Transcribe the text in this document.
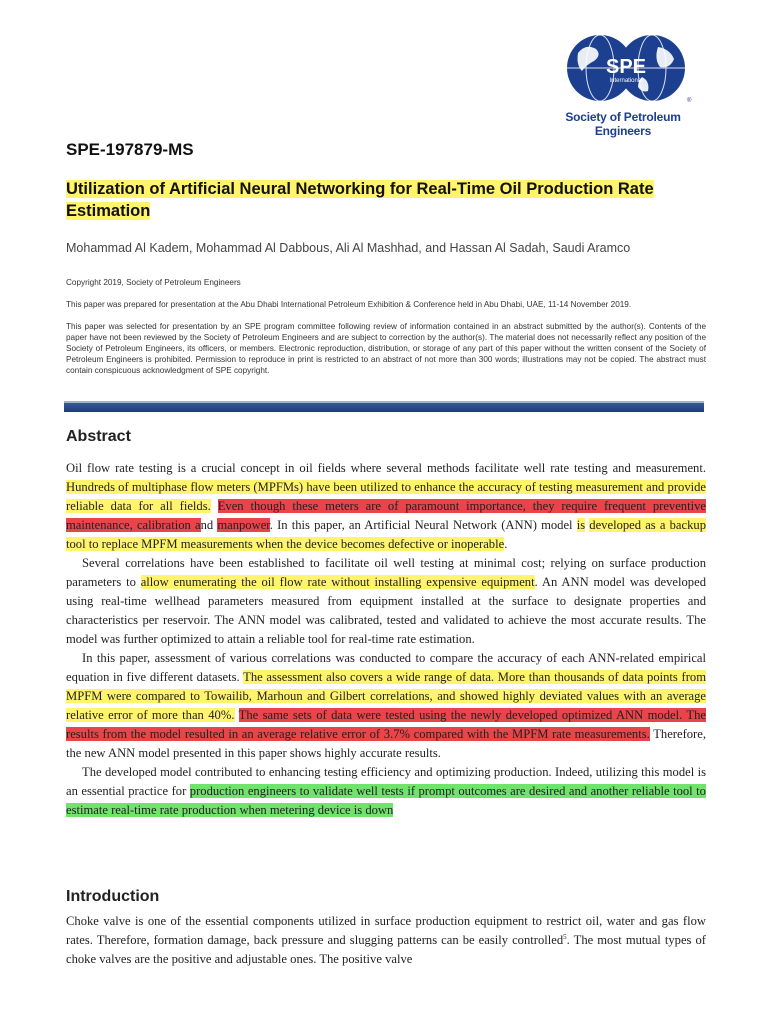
SPE
International
®
Society of Petroleum Engineers
SPE-197879-MS
Utilization of Artificial Neural Networking for Real-Time Oil Production Rate Estimation
Mohammad Al Kadem, Mohammad Al Dabbous, Ali Al Mashhad, and Hassan Al Sadah, Saudi Aramco
Copyright 2019, Society of Petroleum Engineers
This paper was prepared for presentation at the Abu Dhabi International Petroleum Exhibition & Conference held in Abu Dhabi, UAE, 11-14 November 2019.
This paper was selected for presentation by an SPE program committee following review of information contained in an abstract submitted by the author(s). Contents of the paper have not been reviewed by the Society of Petroleum Engineers and are subject to correction by the author(s). The material does not necessarily reflect any position of the Society of Petroleum Engineers, its officers, or members. Electronic reproduction, distribution, or storage of any part of this paper without the written consent of the Society of Petroleum Engineers is prohibited. Permission to reproduce in print is restricted to an abstract of not more than 300 words; illustrations may not be copied. The abstract must contain conspicuous acknowledgment of SPE copyright.
Abstract

Oil flow rate testing is a crucial concept in oil fields where several methods facilitate well rate testing and measurement. Hundreds of multiphase flow meters (MPFMs) have been utilized to enhance the accuracy of testing measurement and provide reliable data for all fields. Even though these meters are of paramount importance, they require frequent preventive maintenance, calibration and manpower. In this paper, an Artificial Neural Network (ANN) model is developed as a backup tool to replace MPFM measurements when the device becomes defective or inoperable.

Several correlations have been established to facilitate oil well testing at minimal cost; relying on surface production parameters to allow enumerating the oil flow rate without installing expensive equipment. An ANN model was developed using real-time wellhead parameters measured from equipment installed at the surface to designate properties and characteristics per reservoir. The ANN model was calibrated, tested and validated to achieve the most accurate results. The model was further optimized to attain a reliable tool for real-time rate estimation.

In this paper, assessment of various correlations was conducted to compare the accuracy of each ANN-related empirical equation in five different datasets. The assessment also covers a wide range of data. More than thousands of data points from MPFM were compared to Towailib, Marhoun and Gilbert correlations, and showed highly deviated values with an average relative error of more than 40%. The same sets of data were tested using the newly developed optimized ANN model. The results from the model resulted in an average relative error of 3.7% compared with the MPFM rate measurements. Therefore, the new ANN model presented in this paper shows highly accurate results.

The developed model contributed to enhancing testing efficiency and optimizing production. Indeed, utilizing this model is an essential practice for production engineers to validate well tests if prompt outcomes are desired and another reliable tool to estimate real-time rate production when metering device is down

Introduction

Choke valve is one of the essential components utilized in surface production equipment to restrict oil, water and gas flow rates. Therefore, formation damage, back pressure and slugging patterns can be easily controlled$^5$. The most mutual types of choke valves are the positive and adjustable ones. The positive valve
